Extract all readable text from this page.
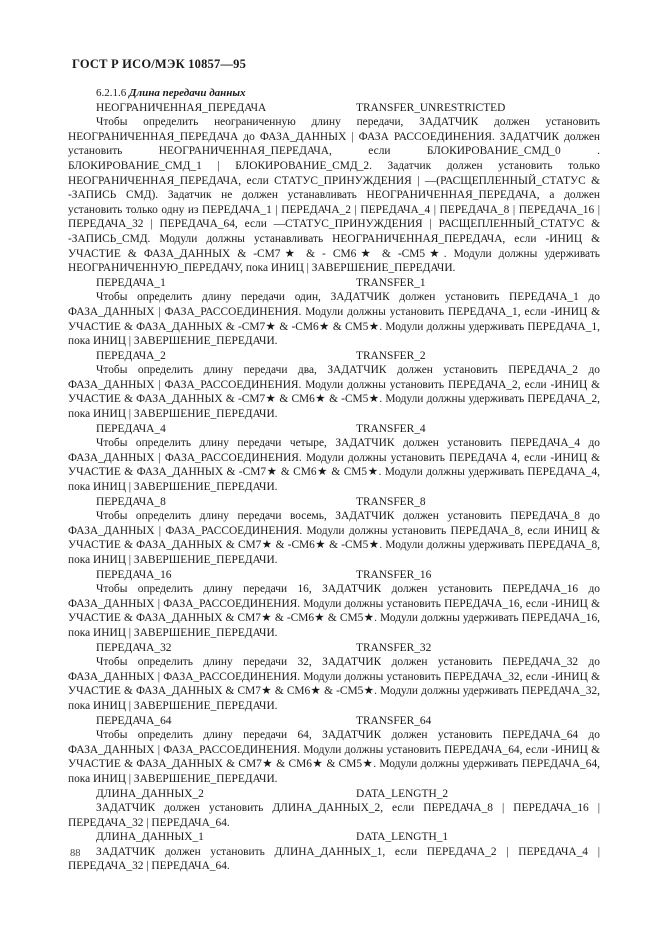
ГОСТ Р ИСО/МЭК 10857—95
6.2.1.6 Длина передачи данных
НЕОГРАНИЧЕННАЯ_ПЕРЕДАЧА	TRANSFER_UNRESTRICTED

Чтобы определить неограниченную длину передачи, ЗАДАТЧИК должен установить НЕОГРАНИЧЕННАЯ_ПЕРЕДАЧА до ФАЗА_ДАННЫХ | ФАЗА РАССОЕДИНЕНИЯ. ЗАДАТЧИК должен установить НЕОГРАНИЧЕННАЯ_ПЕРЕДАЧА, если БЛОКИРОВАНИЕ_СМД_0 . БЛОКИРОВАНИЕ_СМД_1 | БЛОКИРОВАНИЕ_СМД_2. Задатчик должен установить только НЕОГРАНИЧЕННАЯ_ПЕРЕДАЧА, если СТАТУС_ПРИНУЖДЕНИЯ | —(РАСЩЕПЛЕННЫЙ_СТАТУС & -ЗАПИСЬ СМД). Задатчик не должен устанавливать НЕОГРАНИЧЕННАЯ_ПЕРЕДАЧА, а должен установить только одну из ПЕРЕДАЧА_1 | ПЕРЕДАЧА_2 | ПЕРЕДАЧА_4 | ПЕРЕДАЧА_8 | ПЕРЕДАЧА_16 | ПЕРЕДАЧА_32 | ПЕРЕДАЧА_64, если —СТАТУС_ПРИНУЖДЕНИЯ | РАСЩЕПЛЕННЫЙ_СТАТУС & -ЗАПИСЬ_СМД. Модули должны устанавливать НЕОГРАНИЧЕННАЯ_ПЕРЕДАЧА, если -ИНИЦ & УЧАСТИЕ & ФАЗА_ДАННЫХ & -СМ7★ & - СМ6★ & -СМ5★. Модули должны удерживать НЕОГРАНИЧЕННУЮ_ПЕРЕДАЧУ, пока ИНИЦ | ЗАВЕРШЕНИЕ_ПЕРЕДАЧИ.

ПЕРЕДАЧА_1	TRANSFER_1

Чтобы определить длину передачи один, ЗАДАТЧИК должен установить ПЕРЕДАЧА_1 до ФАЗА_ДАННЫХ | ФАЗА_РАССОЕДИНЕНИЯ. Модули должны установить ПЕРЕДАЧА_1, если -ИНИЦ & УЧАСТИЕ & ФАЗА_ДАННЫХ & -СМ7★ & -СМ6★ & СМ5★. Модули должны удерживать ПЕРЕДАЧА_1, пока ИНИЦ | ЗАВЕРШЕНИЕ_ПЕРЕДАЧИ.

ПЕРЕДАЧА_2	TRANSFER_2

Чтобы определить длину передачи два, ЗАДАТЧИК должен установить ПЕРЕДАЧА_2 до ФАЗА_ДАННЫХ | ФАЗА_РАССОЕДИНЕНИЯ. Модули должны установить ПЕРЕДАЧА_2, если -ИНИЦ & УЧАСТИЕ & ФАЗА_ДАННЫХ & -СМ7★ & СМ6★ & -СМ5★. Модули должны удерживать ПЕРЕДАЧА_2, пока ИНИЦ | ЗАВЕРШЕНИЕ_ПЕРЕДАЧИ.

ПЕРЕДАЧА_4	TRANSFER_4

Чтобы определить длину передачи четыре, ЗАДАТЧИК должен установить ПЕРЕДАЧА_4 до ФАЗА_ДАННЫХ | ФАЗА_РАССОЕДИНЕНИЯ. Модули должны установить ПЕРЕДАЧА 4, если -ИНИЦ & УЧАСТИЕ & ФАЗА_ДАННЫХ & -СМ7★ & СМ6★ & СМ5★. Модули должны удерживать ПЕРЕДАЧА_4, пока ИНИЦ | ЗАВЕРШЕНИЕ_ПЕРЕДАЧИ.

ПЕРЕДАЧА_8	TRANSFER_8

Чтобы определить длину передачи восемь, ЗАДАТЧИК должен установить ПЕРЕДАЧА_8 до ФАЗА_ДАННЫХ | ФАЗА_РАССОЕДИНЕНИЯ. Модули должны установить ПЕРЕДАЧА_8, если ИНИЦ & УЧАСТИЕ & ФАЗА_ДАННЫХ & СМ7★ & -СМ6★ & -СМ5★. Модули должны удерживать ПЕРЕДАЧА_8, пока ИНИЦ | ЗАВЕРШЕНИЕ_ПЕРЕДАЧИ.

ПЕРЕДАЧА_16	TRANSFER_16

Чтобы определить длину передачи 16, ЗАДАТЧИК должен установить ПЕРЕДАЧА_16 до ФАЗА_ДАННЫХ | ФАЗА_РАССОЕДИНЕНИЯ. Модули должны установить ПЕРЕДАЧА_16, если -ИНИЦ & УЧАСТИЕ & ФАЗА_ДАННЫХ & СМ7★ & -СМ6★ & СМ5★. Модули должны удерживать ПЕРЕДАЧА_16, пока ИНИЦ | ЗАВЕРШЕНИЕ_ПЕРЕДАЧИ.

ПЕРЕДАЧА_32	TRANSFER_32

Чтобы определить длину передачи 32, ЗАДАТЧИК должен установить ПЕРЕДАЧА_32 до ФАЗА_ДАННЫХ | ФАЗА_РАССОЕДИНЕНИЯ. Модули должны установить ПЕРЕДАЧА_32, если -ИНИЦ & УЧАСТИЕ & ФАЗА_ДАННЫХ & СМ7★ & СМ6★ & -СМ5★. Модули должны удерживать ПЕРЕДАЧА_32, пока ИНИЦ | ЗАВЕРШЕНИЕ_ПЕРЕДАЧИ.

ПЕРЕДАЧА_64	TRANSFER_64

Чтобы определить длину передачи 64, ЗАДАТЧИК должен установить ПЕРЕДАЧА_64 до ФАЗА_ДАННЫХ | ФАЗА_РАССОЕДИНЕНИЯ. Модули должны установить ПЕРЕДАЧА_64, если -ИНИЦ & УЧАСТИЕ & ФАЗА_ДАННЫХ & СМ7★ & СМ6★ & СМ5★. Модули должны удерживать ПЕРЕДАЧА_64, пока ИНИЦ | ЗАВЕРШЕНИЕ_ПЕРЕДАЧИ.

ДЛИНА_ДАННЫХ_2	DATA_LENGTH_2

ЗАДАТЧИК должен установить ДЛИНА_ДАННЫХ_2, если ПЕРЕДАЧА_8 | ПЕРЕДАЧА_16 | ПЕРЕДАЧА_32 | ПЕРЕДАЧА_64.

ДЛИНА_ДАННЫХ_1	DATA_LENGTH_1

ЗАДАТЧИК должен установить ДЛИНА_ДАННЫХ_1, если ПЕРЕДАЧА_2 | ПЕРЕДАЧА_4 | ПЕРЕДАЧА_32 | ПЕРЕДАЧА_64.

88
